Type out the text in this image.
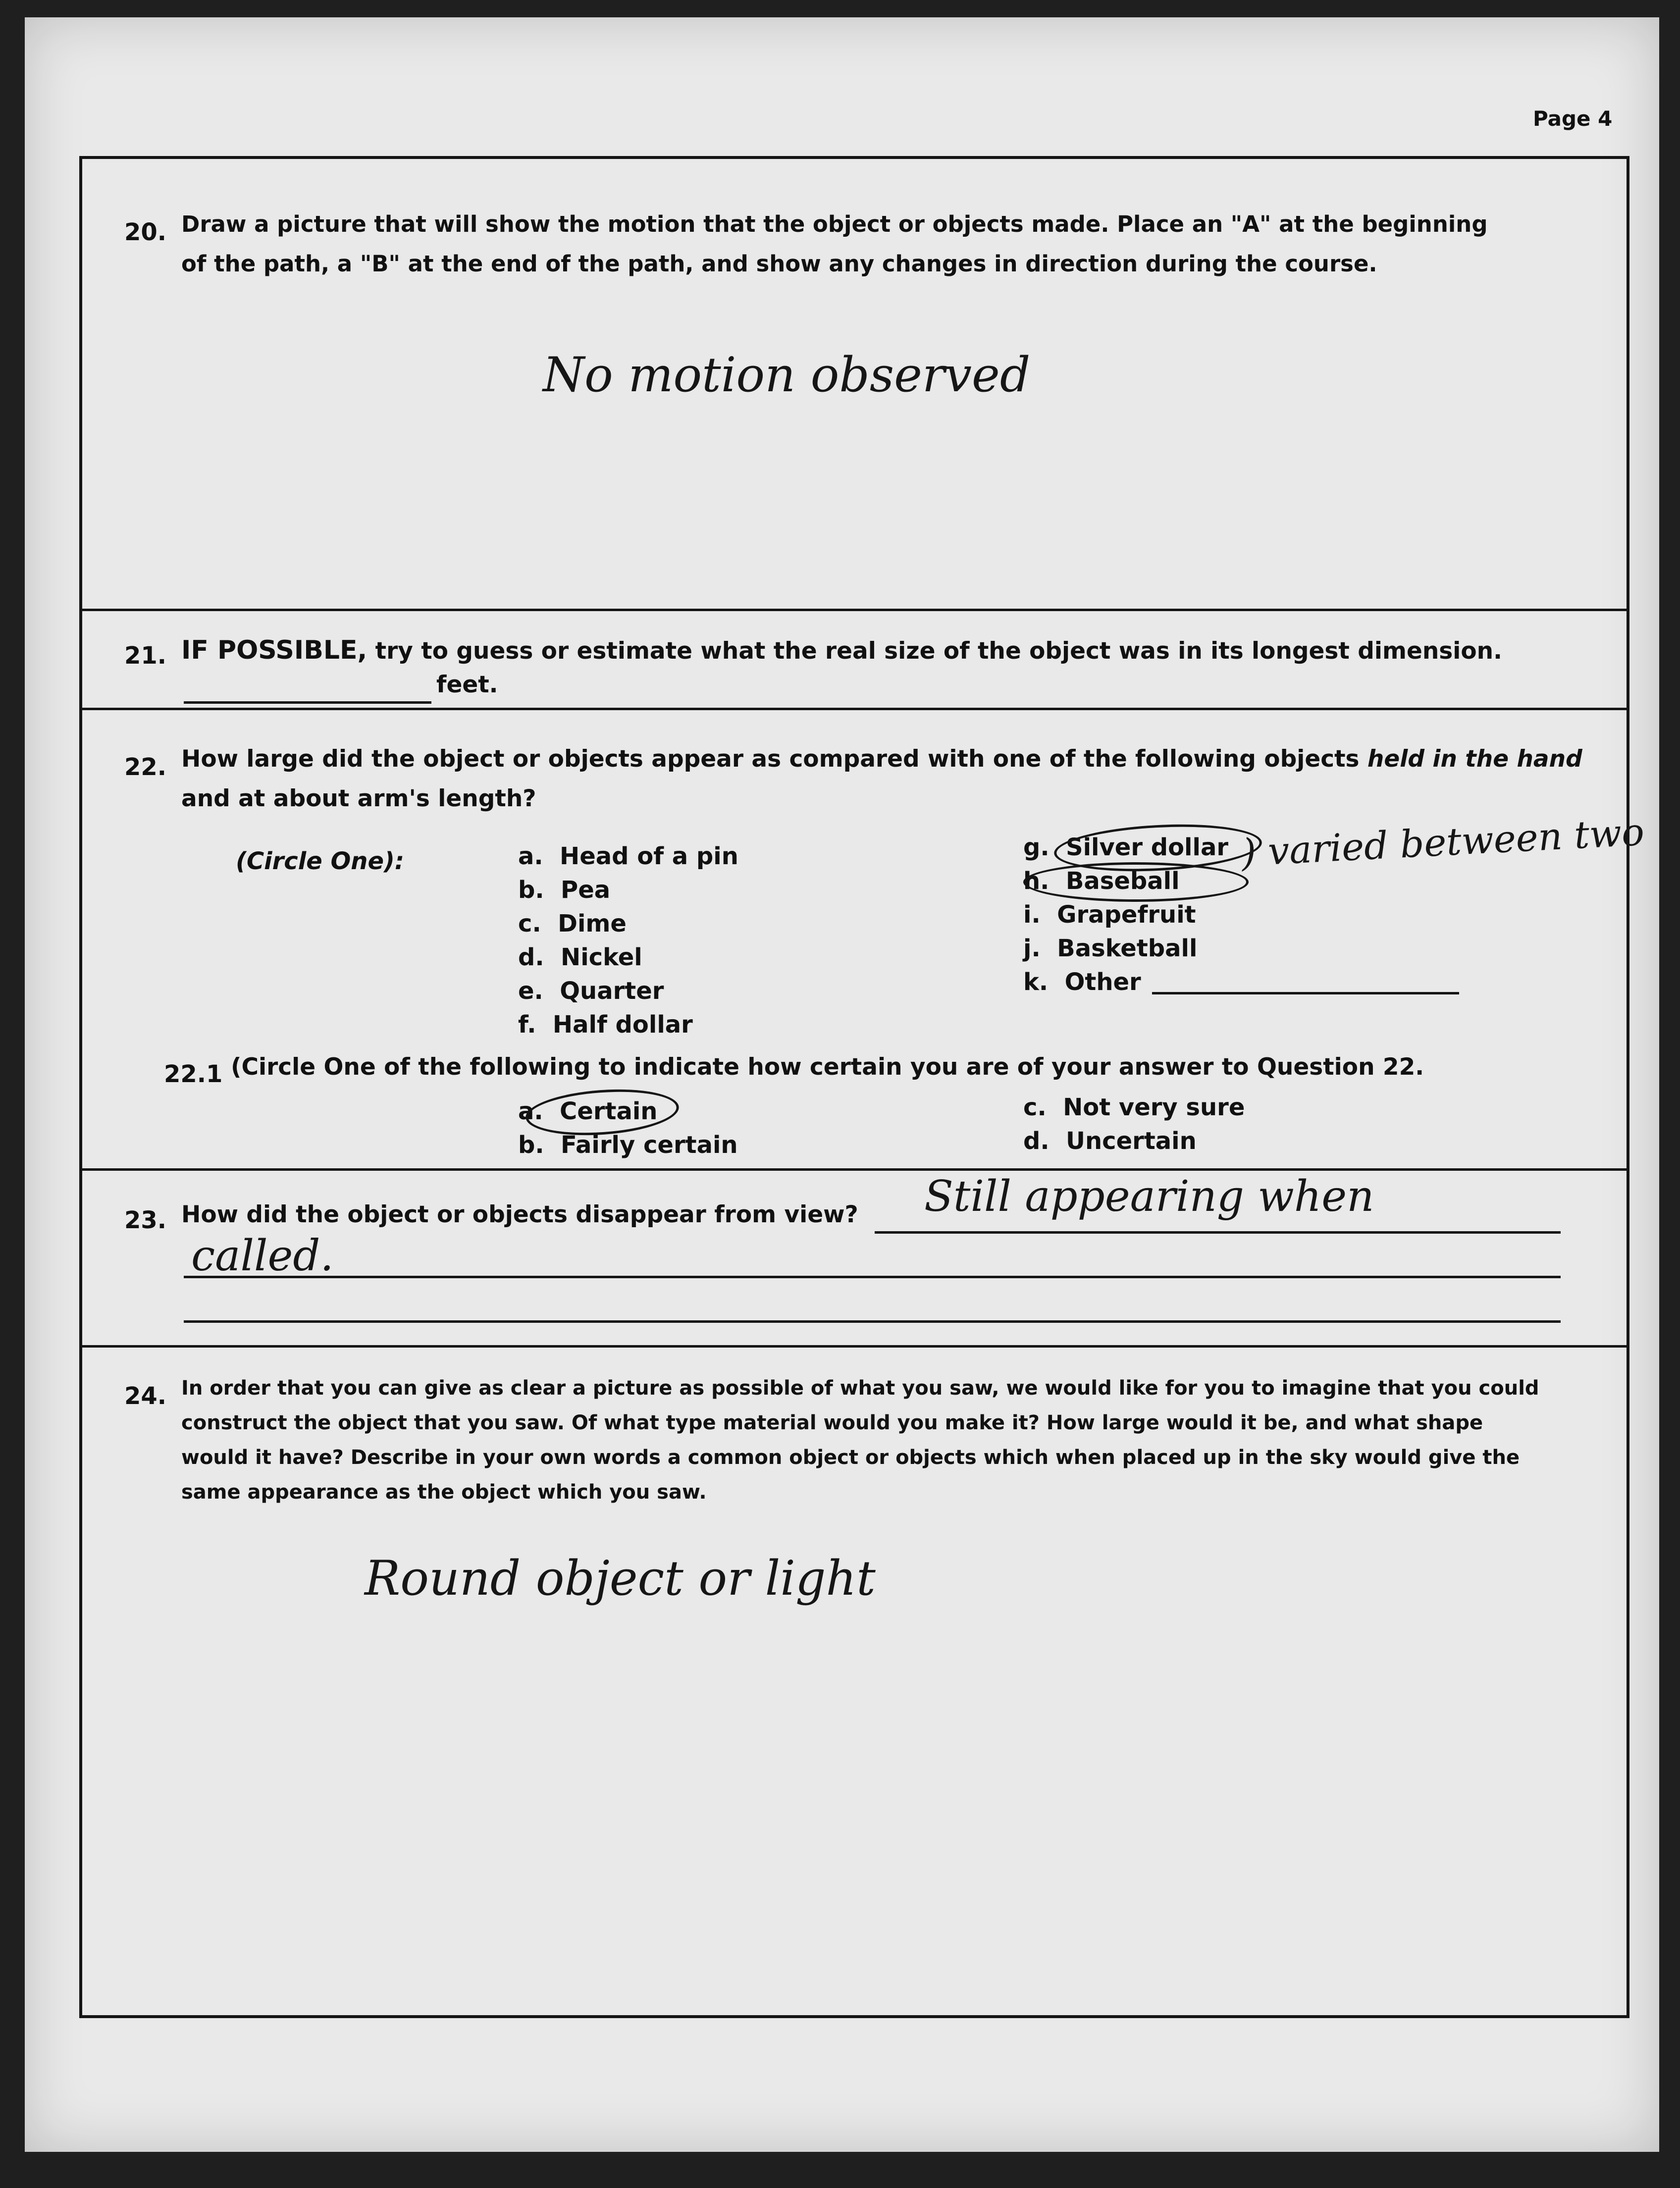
Page 4
20. Draw a picture that will show the motion that the object or objects made. Place an "A" at the beginning
of the path, a "B" at the end of the path, and show any changes in direction during the course.
No motion observed
21. IF POSSIBLE, try to guess or estimate what the real size of the object was in its longest dimension.
feet.
22. How large did the object or objects appear as compared with one of the following objects held in the hand
and at about arm's length?
(Circle One):	a. Head of a pin
b. Pea
c. Dime
d. Nickel
e. Quarter
f. Half dollar
g. Silver dollar
h. Baseball
i. Grapefruit
j. Basketball
k. Other
) varied between two
22.1 (Circle One of the following to indicate how certain you are of your answer to Question 22.
a. Certain
b. Fairly certain
c. Not very sure
d. Uncertain
23. How did the object or objects disappear from view? Still appearing when
called.
24. In order that you can give as clear a picture as possible of what you saw, we would like for you to imagine that you could
construct the object that you saw. Of what type material would you make it? How large would it be, and what shape
would it have? Describe in your own words a common object or objects which when placed up in the sky would give the
same appearance as the object which you saw.
Round object or light
